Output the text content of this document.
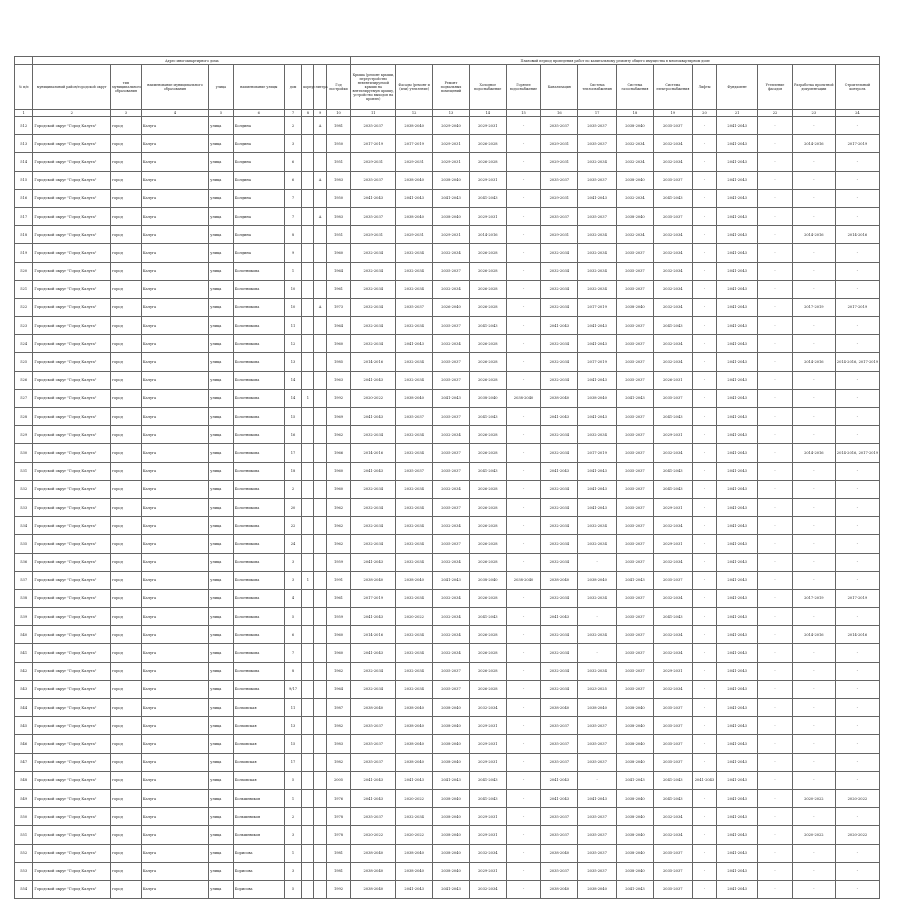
	Адрес многоквартирного дома									Плановый период проведения работ по капитальному ремонту общего имущества в многоквартирном доме													
№ п/п	муниципальный район/городской округ	тип муниципального образования	наименование муниципального образования	улица	наименование улицы	дом	корпус	литера	Год постройки	Крыша (ремонт крыши, переустройство невентилируемой крыши на вентилируемую крышу, устройство выходов на кровлю)	Фасады (ремонт и (или) утепление)	Ремонт подвальных помещений	Холодное водоснабжение	Горячее водоснабжение	Канализация	Система теплоснабжения	Система газоснабжения	Система электроснабжения	Лифты	Фундамент	Утепление фасадов	Разработка проектной документации	Строительный контроль
1	2	3	4	5	6	7	8	9	10	11	12	13	14	15	16	17	18	19	20	21	22	23	24
512	Городской округ "Город Калуга"	город	Калуга	улица	Болдина	2		А	1981	2035-2037	2038-2040	2029-2040	2029-2031	-	2035-2037	2035-2037	2038-2040	2035-2037	-	2041-2043	-	-	-
513	Городской округ "Город Калуга"	город	Калуга	улица	Болдина	3			1950	2017-2019	2017-2019	2029-2031	2026-2028	-	2029-2031	2035-2037	2032-2034	2032-2034	-	2041-2043	-	2014-2016	2017-2019
514	Городской округ "Город Калуга"	город	Калуга	улица	Болдина	6			1951	2029-2031	2029-2031	2029-2031	2026-2028	-	2029-2031	2032-2034	2032-2034	2032-2034	-	2041-2043	-	-	-
515	Городской округ "Город Калуга"	город	Калуга	улица	Болдина	6		А	1983	2035-2037	2038-2040	2038-2040	2029-2031	-	2035-2037	2035-2037	2038-2040	2035-2037	-	2041-2043	-	-	-
516	Городской округ "Город Калуга"	город	Калуга	улица	Болдина	7			1950	2041-2043	2041-2043	2041-2043	2041-2043	-	2029-2031	2041-2043	2032-2034	2041-2043	-	2041-2043	-	-	-
517	Городской округ "Город Калуга"	город	Калуга	улица	Болдина	7		А	1983	2035-2037	2038-2040	2038-2040	2029-2031	-	2035-2037	2035-2037	2038-2040	2035-2037	-	2041-2043	-	-	-
518	Городской округ "Город Калуга"	город	Калуга	улица	Болдина	8			1951	2029-2031	2029-2031	2029-2031	2014-2016	-	2029-2031	2032-2034	2032-2034	2032-2034	-	2041-2043	-	2014-2016	2014-2016
519	Городской округ "Город Калуга"	город	Калуга	улица	Болдина	9			1960	2032-2034	2032-2034	2032-2034	2026-2028	-	2032-2034	2032-2034	2035-2037	2032-2034	-	2041-2043	-	-	-
520	Городской округ "Город Калуга"	город	Калуга	улица	Болотникова	1			1964	2032-2034	2032-2034	2035-2037	2026-2028	-	2032-2034	2032-2034	2035-2037	2032-2034	-	2041-2043	-	-	-
521	Городской округ "Город Калуга"	город	Калуга	улица	Болотникова	10			1961	2032-2034	2032-2034	2032-2034	2026-2028	-	2032-2034	2032-2034	2035-2037	2032-2034	-	2041-2043	-	-	-
522	Городской округ "Город Калуга"	город	Калуга	улица	Болотникова	10		А	1973	2032-2034	2035-2037	2026-2040	2026-2028	-	2032-2034	2017-2019	2038-2040	2032-2034	-	2041-2043	-	2017-2019	2017-2019
523	Городской округ "Город Калуга"	город	Калуга	улица	Болотникова	11			1964	2032-2034	2032-2034	2035-2037	2041-2043	-	2041-2043	2041-2043	2035-2037	2041-2043	-	2041-2043	-	-	-
524	Городской округ "Город Калуга"	город	Калуга	улица	Болотникова	12			1960	2032-2034	2041-2043	2032-2034	2026-2028	-	2032-2034	2041-2043	2035-2037	2032-2034	-	2041-2043	-	-	-
525	Городской округ "Город Калуга"	город	Калуга	улица	Болотникова	13			1985	2014-2016	2032-2034	2035-2037	2026-2028	-	2032-2034	2017-2019	2035-2037	2032-2034	-	2041-2043	-	2014-2016	2014-2016, 2017-2019
526	Городской округ "Город Калуга"	город	Калуга	улица	Болотникова	14			1963	2041-2043	2032-2034	2035-2037	2026-2028	-	2032-2034	2041-2043	2035-2037	2026-2031	-	2041-2043	-	-	-
527	Городской округ "Город Калуга"	город	Калуга	улица	Болотникова	14	1		1992	2020-2022	2038-2040	2041-2043	2038-2040	2038-2040	2038-2040	2038-2040	2041-2043	2035-2037	-	2041-2043	-	-	-
528	Городской округ "Город Калуга"	город	Калуга	улица	Болотникова	15			1969	2041-2043	2035-2037	2035-2037	2041-2043	-	2041-2043	2041-2043	2035-2037	2041-2043	-	2041-2043	-	-	-
529	Городской округ "Город Калуга"	город	Калуга	улица	Болотникова	16			1962	2032-2034	2032-2034	2032-2034	2026-2028	-	2032-2034	2032-2034	2035-2037	2029-2031	-	2041-2043	-	-	-
530	Городской округ "Город Калуга"	город	Калуга	улица	Болотникова	17			1966	2014-2016	2032-2034	2035-2037	2026-2028	-	2032-2034	2017-2019	2035-2037	2032-2034	-	2041-2043	-	2014-2016	2014-2016, 2017-2019
531	Городской округ "Город Калуга"	город	Калуга	улица	Болотникова	18			1960	2041-2043	2035-2037	2035-2037	2041-2043	-	2041-2043	2041-2043	2035-2037	2041-2043	-	2041-2043	-	-	-
532	Городской округ "Город Калуга"	город	Калуга	улица	Болотникова	2			1960	2032-2034	2032-2034	2032-2034	2026-2028	-	2032-2034	2041-2043	2035-2037	2041-2043	-	2041-2043	-	-	-
533	Городской округ "Город Калуга"	город	Калуга	улица	Болотникова	20			1962	2032-2034	2032-2034	2035-2037	2026-2028	-	2032-2034	2041-2043	2035-2037	2029-2031	-	2041-2043	-	-	-
534	Городской округ "Город Калуга"	город	Калуга	улица	Болотникова	22			1962	2032-2034	2032-2034	2032-2034	2026-2028	-	2032-2034	2032-2034	2035-2037	2032-2034	-	2041-2043	-	-	-
535	Городской округ "Город Калуга"	город	Калуга	улица	Болотникова	24			1962	2032-2034	2032-2034	2035-2037	2026-2028	-	2032-2034	2032-2034	2035-2037	2029-2031	-	2041-2043	-	-	-
536	Городской округ "Город Калуга"	город	Калуга	улица	Болотникова	3			1959	2041-2043	2032-2034	2032-2034	2026-2028	-	2032-2034	-	2035-2037	2032-2034	-	2041-2043	-	-	-
537	Городской округ "Город Калуга"	город	Калуга	улица	Болотникова	3	1		1991	2038-2040	2038-2040	2041-2043	2038-2040	2038-2040	2038-2040	2038-2040	2041-2043	2035-2037	-	2041-2043	-	-	-
538	Городской округ "Город Калуга"	город	Калуга	улица	Болотникова	4			1961	2017-2019	2032-2034	2032-2034	2026-2028	-	2032-2034	2032-2034	2035-2037	2032-2034	-	2041-2043	-	2017-2019	2017-2019
539	Городской округ "Город Калуга"	город	Калуга	улица	Болотникова	5			1959	2041-2043	2020-2022	2032-2034	2041-2043	-	2041-2043	-	2035-2037	2041-2043	-	2041-2043	-	-	-
540	Городской округ "Город Калуга"	город	Калуга	улица	Болотникова	6			1960	2014-2016	2032-2034	2032-2034	2026-2028	-	2032-2034	2032-2034	2035-2037	2032-2034	-	2041-2043	-	2014-2016	2014-2016
541	Городской округ "Город Калуга"	город	Калуга	улица	Болотникова	7			1960	2041-2043	2032-2034	2032-2034	2026-2028	-	2032-2034	-	2035-2037	2032-2034	-	2041-2043	-	-	-
542	Городской округ "Город Калуга"	город	Калуга	улица	Болотникова	8			1962	2032-2034	2032-2034	2035-2037	2026-2028	-	2032-2034	2032-2034	2035-2037	2029-2031	-	2041-2043	-	-	-
543	Городской округ "Город Калуга"	город	Калуга	улица	Болотникова	9/17			1964	2032-2034	2032-2034	2035-2037	2026-2028	-	2032-2034	2023-2025	2035-2037	2032-2034	-	2041-2043	-	-	-
544	Городской округ "Город Калуга"	город	Калуга	улица	Болховская	11			1987	2038-2040	2038-2040	2038-2040	2032-2034	-	2038-2040	2038-2040	2038-2040	2035-2037	-	2041-2043	-	-	-
545	Городской округ "Город Калуга"	город	Калуга	улица	Болховская	13			1982	2035-2037	2038-2040	2038-2040	2029-2031	-	2035-2037	2035-2037	2038-2040	2035-2037	-	2041-2043	-	-	-
546	Городской округ "Город Калуга"	город	Калуга	улица	Болховская	15			1983	2035-2037	2038-2040	2038-2040	2029-2031	-	2035-2037	2035-2037	2038-2040	2035-2037	-	2041-2043	-	-	-
547	Городской округ "Город Калуга"	город	Калуга	улица	Болховская	17			1982	2035-2037	2038-2040	2038-2040	2029-2031	-	2035-2037	2035-2037	2038-2040	2035-2037	-	2041-2043	-	-	-
548	Городской округ "Город Калуга"	город	Калуга	улица	Болховская	5			2005	2041-2043	2041-2043	2041-2043	2041-2043	-	2041-2043	-	2041-2043	2041-2043	2041-2043	2041-2043	-	-	-
549	Городской округ "Город Калуга"	город	Калуга	улица	Большевиков	1			1976	2041-2043	2020-2022	2038-2040	2041-2043	-	2041-2043	2041-2043	2038-2040	2041-2043	-	2041-2043	-	2020-2022	2020-2022
550	Городской округ "Город Калуга"	город	Калуга	улица	Большевиков	2			1978	2035-2037	2032-2034	2038-2040	2029-2031	-	2035-2037	2035-2037	2038-2040	2032-2034	-	2041-2043	-	-	-
551	Городской округ "Город Калуга"	город	Калуга	улица	Большевиков	3			1978	2020-2022	2020-2022	2038-2040	2029-2031	-	2035-2037	2035-2037	2038-2040	2032-2034	-	2041-2043	-	2020-2022	2020-2022
552	Городской округ "Город Калуга"	город	Калуга	улица	Борисова	1			1981	2038-2040	2038-2040	2038-2040	2032-2034	-	2038-2040	2035-2037	2038-2040	2035-2037	-	2041-2043	-	-	-
553	Городской округ "Город Калуга"	город	Калуга	улица	Борисова	3			1981	2038-2040	2038-2040	2038-2040	2029-2031	-	2035-2037	2035-2037	2038-2040	2035-2037	-	2041-2043	-	-	-
554	Городской округ "Город Калуга"	город	Калуга	улица	Борисова	5			1992	2038-2040	2041-2043	2041-2043	2032-2034	-	2038-2040	2038-2040	2041-2043	2035-2037	-	2041-2043	-	-	-
